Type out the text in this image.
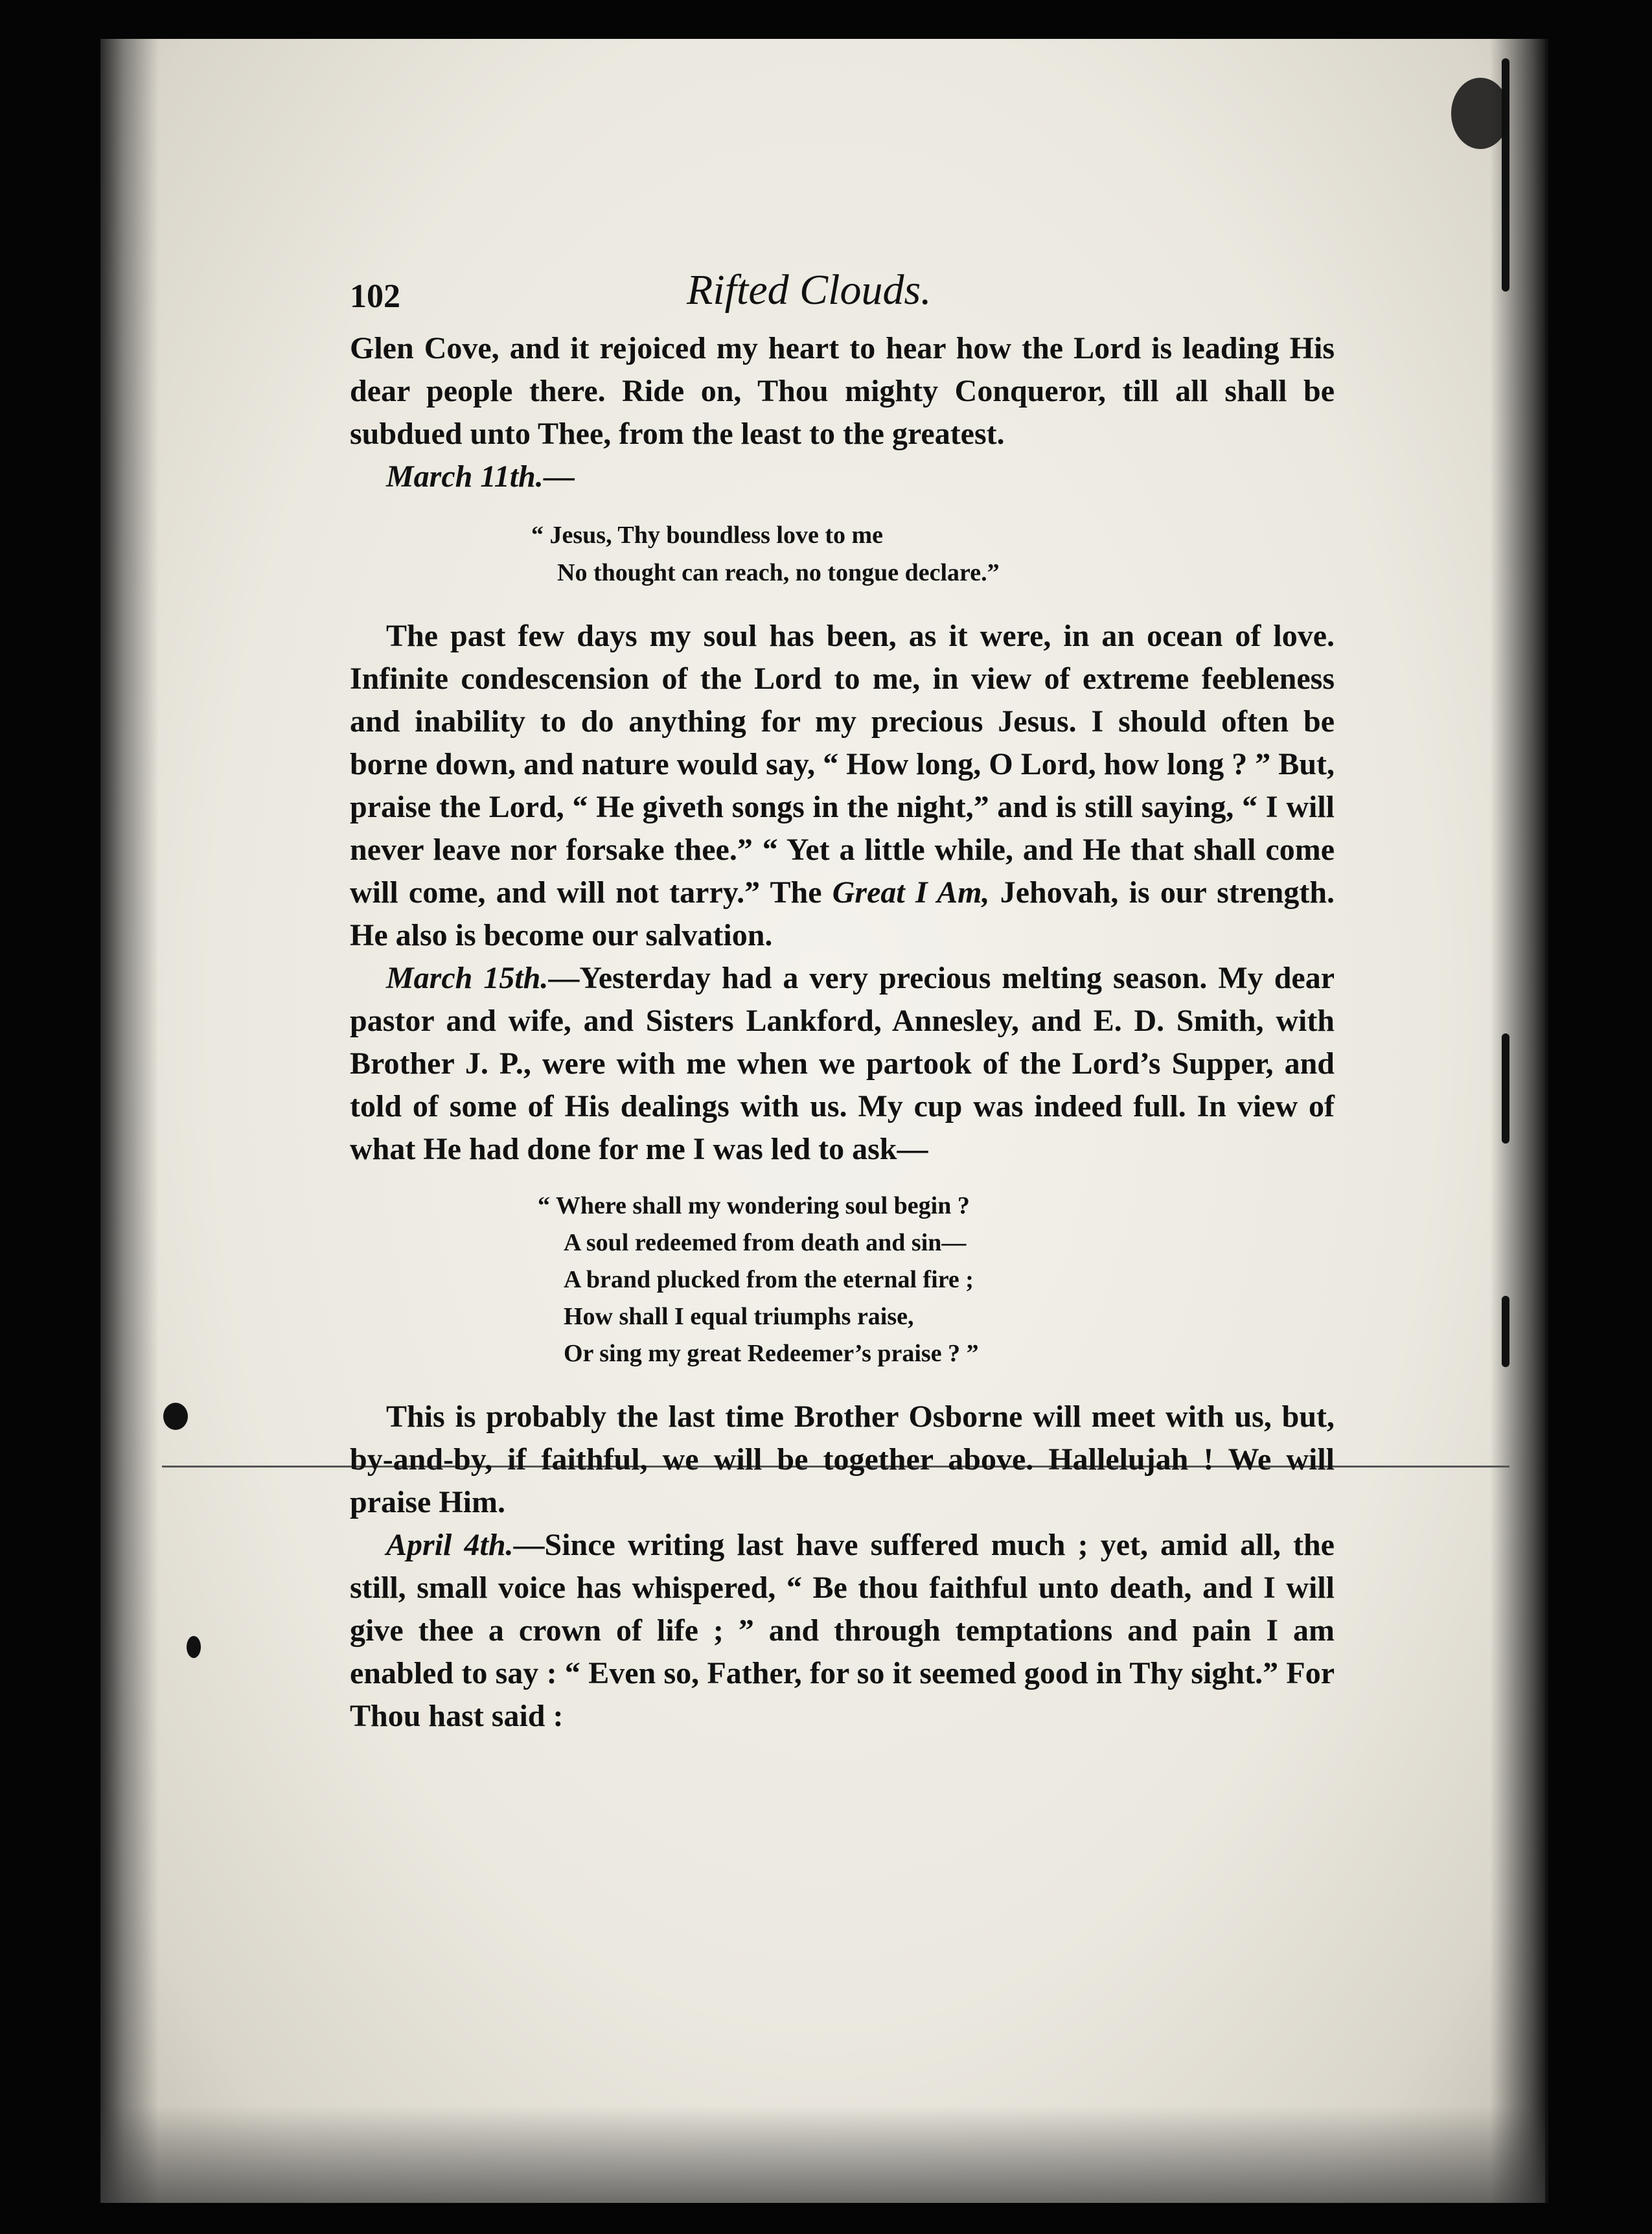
102	Rifted Clouds.

Glen Cove, and it rejoiced my heart to hear how the Lord is leading His dear people there. Ride on, Thou mighty Conqueror, till all shall be subdued unto Thee, from the least to the greatest.

March 11th.—

“ Jesus, Thy boundless love to me
No thought can reach, no tongue declare.”

The past few days my soul has been, as it were, in an ocean of love. Infinite condescension of the Lord to me, in view of extreme feebleness and inability to do anything for my precious Jesus. I should often be borne down, and nature would say, “ How long, O Lord, how long ? ” But, praise the Lord, “ He giveth songs in the night,” and is still saying, “ I will never leave nor forsake thee.” “ Yet a little while, and He that shall come will come, and will not tarry.” The Great I Am, Jehovah, is our strength. He also is become our salvation.

March 15th.—Yesterday had a very precious melting season. My dear pastor and wife, and Sisters Lankford, Annesley, and E. D. Smith, with Brother J. P., were with me when we partook of the Lord’s Supper, and told of some of His dealings with us. My cup was indeed full. In view of what He had done for me I was led to ask—

“ Where shall my wondering soul begin ?
A soul redeemed from death and sin—
A brand plucked from the eternal fire ;
How shall I equal triumphs raise,
Or sing my great Redeemer’s praise ? ”

This is probably the last time Brother Osborne will meet with us, but, by-and-by, if faithful, we will be together above. Hallelujah ! We will praise Him.

April 4th.—Since writing last have suffered much ; yet, amid all, the still, small voice has whispered, “ Be thou faithful unto death, and I will give thee a crown of life ; ” and through temptations and pain I am enabled to say : “ Even so, Father, for so it seemed good in Thy sight.” For Thou hast said :
